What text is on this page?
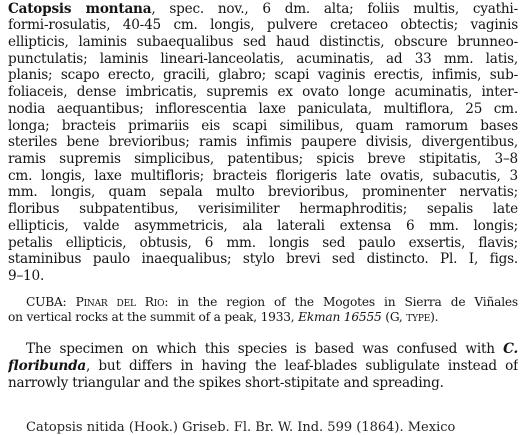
Catopsis montana, spec. nov., 6 dm. alta; foliis multis, cyathi-
formi-rosulatis, 40-45 cm. longis, pulvere cretaceo obtectis; vaginis
ellipticis, laminis subaequalibus sed haud distinctis, obscure brunneo-
punctulatis; laminis lineari-lanceolatis, acuminatis, ad 33 mm. latis,
planis; scapo erecto, gracili, glabro; scapi vaginis erectis, infimis, sub-
foliaceis, dense imbricatis, supremis ex ovato longe acuminatis, inter-
nodia aequantibus; inflorescentia laxe paniculata, multiflora, 25 cm.
longa; bracteis primariis eis scapi similibus, quam ramorum bases
steriles bene brevioribus; ramis infimis paupere divisis, divergentibus,
ramis supremis simplicibus, patentibus; spicis breve stipitatis, 3–8
cm. longis, laxe multifloris; bracteis florigeris late ovatis, subacutis, 3
mm. longis, quam sepala multo brevioribus, prominenter nervatis;
floribus subpatentibus, verisimiliter hermaphroditis; sepalis late
ellipticis, valde asymmetricis, ala laterali extensa 6 mm. longis;
petalis ellipticis, obtusis, 6 mm. longis sed paulo exsertis, flavis;
staminibus paulo inaequalibus; stylo brevi sed distincto. Pl. I, figs.
9–10.
CUBA: Pinar del Rio: in the region of the Mogotes in Sierra de Viñales
on vertical rocks at the summit of a peak, 1933, Ekman 16555 (G, type).
The specimen on which this species is based was confused with C.
floribunda, but differs in having the leaf-blades subligulate instead of
narrowly triangular and the spikes short-stipitate and spreading.
Catopsis nitida (Hook.) Griseb. Fl. Br. W. Ind. 599 (1864). Mexico
